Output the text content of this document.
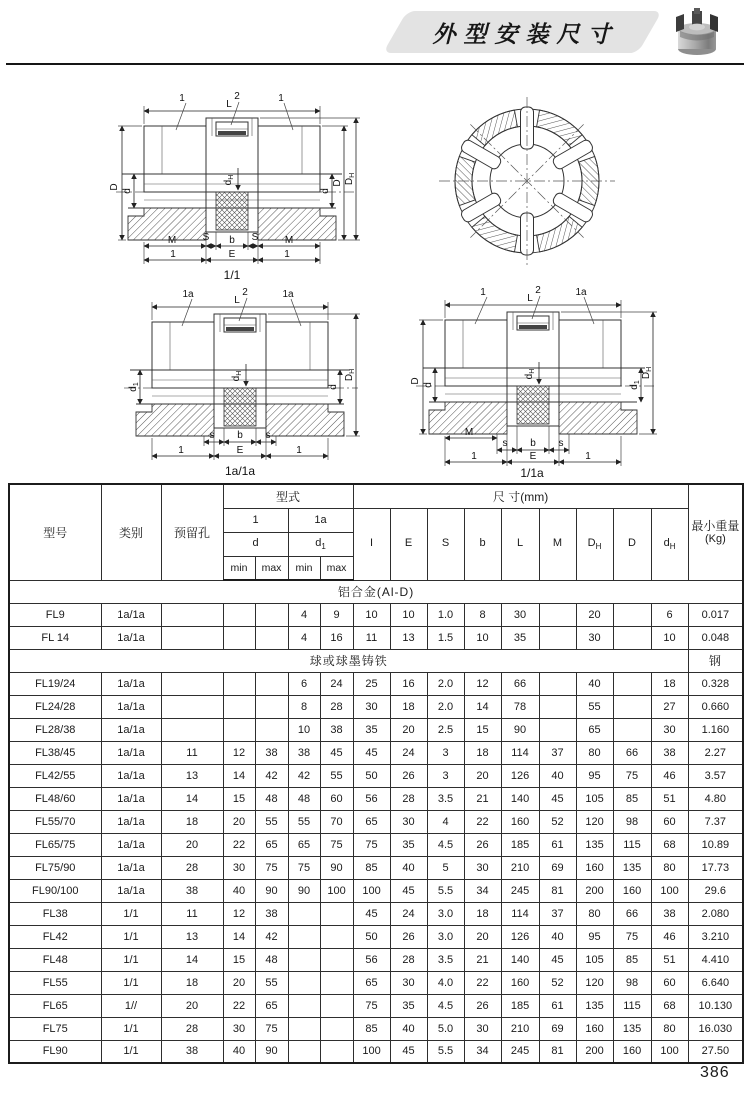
外型安装尺寸
L
1	2	1
D
d	d
D $D_H$
$d_H$
M	S b S	M
1	E	1
1/1
L
1a	2	1a
$d_1$	d
$D_H$
$d_H$
s b s
1	E	1
1a/1a
L
1	2	1a
D
d	$d_1$
$D_H$
$d_H$
M
s b s
1	E	1
1/1a
型号	类别	预留孔	型式				尺 寸(mm)									最小重量
(Kg)

			1		1a		I	E	S	b	L	M	$D_H$	D	$d_H$
			d		$d_1$
			min	max	min	max										
铝合金(Al-D)																
FL9	1a/1a				4	9	10	10	1.0	8	30		20		6	0.017
FL 14	1a/1a				4	16	11	13	1.5	10	35		30		10	0.048
球或球墨铸铁																钢
FL19/24	1a/1a				6	24	25	16	2.0	12	66		40		18	0.328
FL24/28	1a/1a				8	28	30	18	2.0	14	78		55		27	0.660
FL28/38	1a/1a				10	38	35	20	2.5	15	90		65		30	1.160
FL38/45	1a/1a	11	12	38	38	45	45	24	3	18	114	37	80	66	38	2.27
FL42/55	1a/1a	13	14	42	42	55	50	26	3	20	126	40	95	75	46	3.57
FL48/60	1a/1a	14	15	48	48	60	56	28	3.5	21	140	45	105	85	51	4.80
FL55/70	1a/1a	18	20	55	55	70	65	30	4	22	160	52	120	98	60	7.37
FL65/75	1a/1a	20	22	65	65	75	75	35	4.5	26	185	61	135	115	68	10.89
FL75/90	1a/1a	28	30	75	75	90	85	40	5	30	210	69	160	135	80	17.73
FL90/100	1a/1a	38	40	90	90	100	100	45	5.5	34	245	81	200	160	100	29.6
FL38	1/1	11	12	38			45	24	3.0	18	114	37	80	66	38	2.080
FL42	1/1	13	14	42			50	26	3.0	20	126	40	95	75	46	3.210
FL48	1/1	14	15	48			56	28	3.5	21	140	45	105	85	51	4.410
FL55	1/1	18	20	55			65	30	4.0	22	160	52	120	98	60	6.640
FL65	1//	20	22	65			75	35	4.5	26	185	61	135	115	68	10.130
FL75	1/1	28	30	75			85	40	5.0	30	210	69	160	135	80	16.030
FL90	1/1	38	40	90			100	45	5.5	34	245	81	200	160	100	27.50
386
